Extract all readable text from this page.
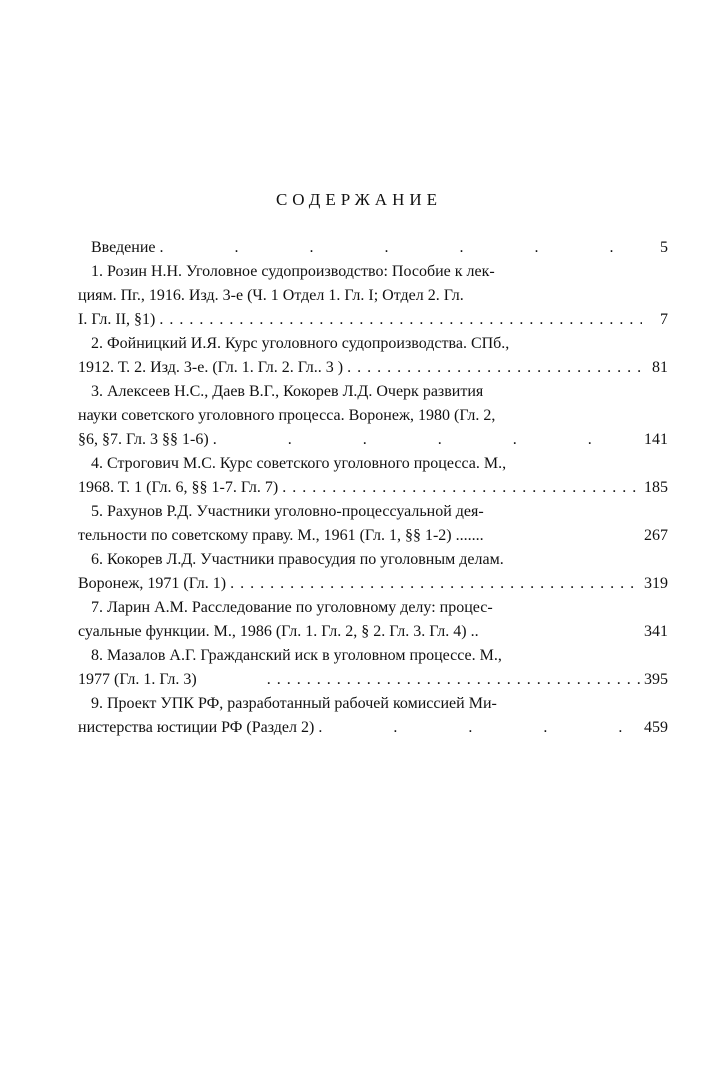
СОДЕРЖАНИЕ
Введение .	5
1. Розин Н.Н. Уголовное судопроизводство: Пособие к лек-
циям. Пг., 1916. Изд. 3-е (Ч. 1 Отдел 1. Гл. I; Отдел 2. Гл.
I. Гл. II, §1) . . .	7
2. Фойницкий И.Я. Курс уголовного судопроизводства. СПб.,
1912. Т. 2. Изд. 3-е. (Гл. 1. Гл. 2. Гл.. 3 ) . . .	81
3. Алексеев Н.С., Даев В.Г., Кокорев Л.Д. Очерк развития
науки советского уголовного процесса. Воронеж, 1980 (Гл. 2,
§6, §7. Гл. 3 §§ 1-6) .	141
4. Строгович М.С. Курс советского уголовного процесса. М.,
1968. Т. 1 (Гл. 6, §§ 1-7. Гл. 7) . . .	185
5. Рахунов Р.Д. Участники уголовно-процессуальной дея-
тельности по советскому праву. М., 1961 (Гл. 1, §§ 1-2) .......	267
6. Кокорев Л.Д. Участники правосудия по уголовным делам.
Воронеж, 1971 (Гл. 1) . . .	319
7. Ларин А.М. Расследование по уголовному делу: процес-
суальные функции. М., 1986 (Гл. 1. Гл. 2, § 2. Гл. 3. Гл. 4) ..	341
8. Мазалов А.Г. Гражданский иск в уголовном процессе. М.,
1977 (Гл. 1. Гл. 3) . . .	395
9. Проект УПК РФ, разработанный рабочей комиссией Ми-
нистерства юстиции РФ (Раздел 2) .	459
